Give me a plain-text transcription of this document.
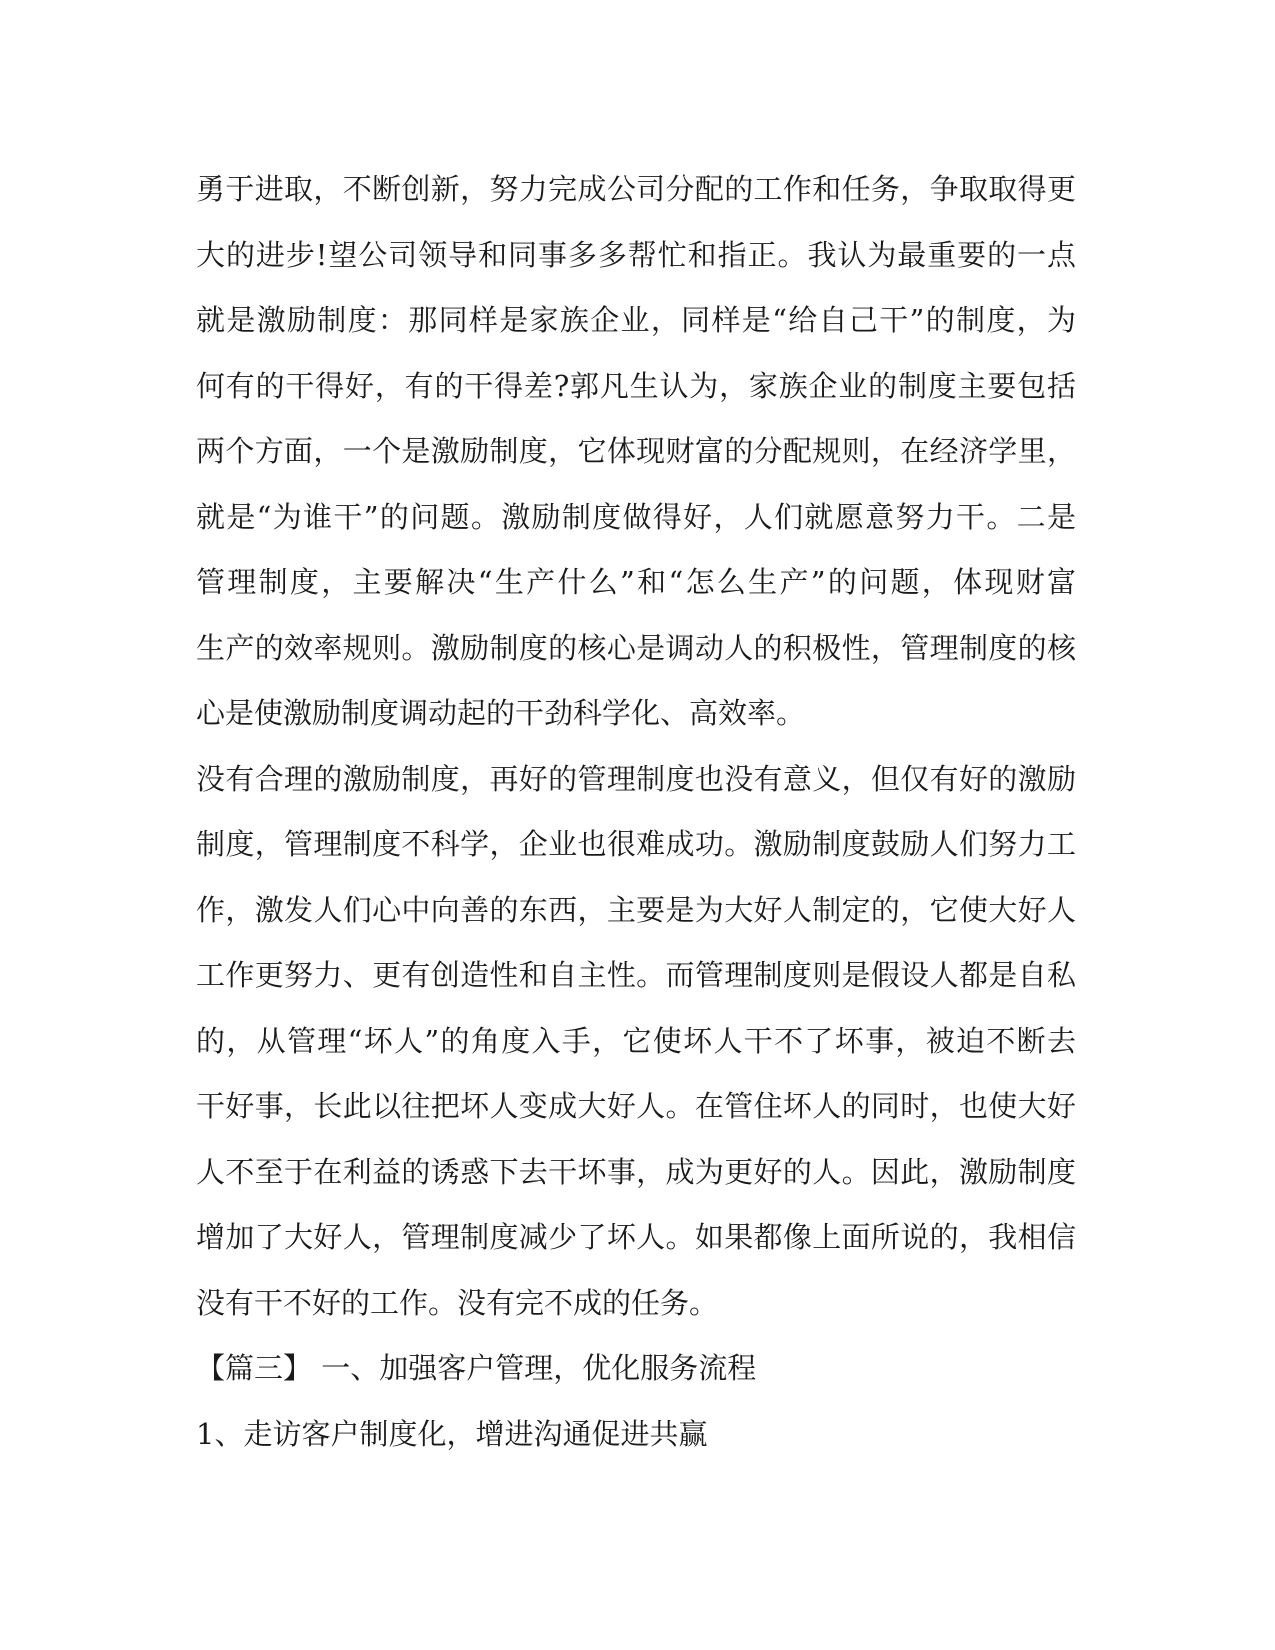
勇于进取，不断创新，努力完成公司分配的工作和任务，争取取得更
大的进步!望公司领导和同事多多帮忙和指正。我认为最重要的一点
就是激励制度：那同样是家族企业，同样是“给自己干”的制度，为
何有的干得好，有的干得差?郭凡生认为，家族企业的制度主要包括
两个方面，一个是激励制度，它体现财富的分配规则，在经济学里，
就是“为谁干”的问题。激励制度做得好，人们就愿意努力干。二是
管理制度，主要解决“生产什么”和“怎么生产”的问题，体现财富
生产的效率规则。激励制度的核心是调动人的积极性，管理制度的核
心是使激励制度调动起的干劲科学化、高效率。
没有合理的激励制度，再好的管理制度也没有意义，但仅有好的激励
制度，管理制度不科学，企业也很难成功。激励制度鼓励人们努力工
作，激发人们心中向善的东西，主要是为大好人制定的，它使大好人
工作更努力、更有创造性和自主性。而管理制度则是假设人都是自私
的，从管理“坏人”的角度入手，它使坏人干不了坏事，被迫不断去
干好事，长此以往把坏人变成大好人。在管住坏人的同时，也使大好
人不至于在利益的诱惑下去干坏事，成为更好的人。因此，激励制度
增加了大好人，管理制度减少了坏人。如果都像上面所说的，我相信
没有干不好的工作。没有完不成的任务。
【篇三】 一、加强客户管理，优化服务流程
1、走访客户制度化，增进沟通促进共赢
